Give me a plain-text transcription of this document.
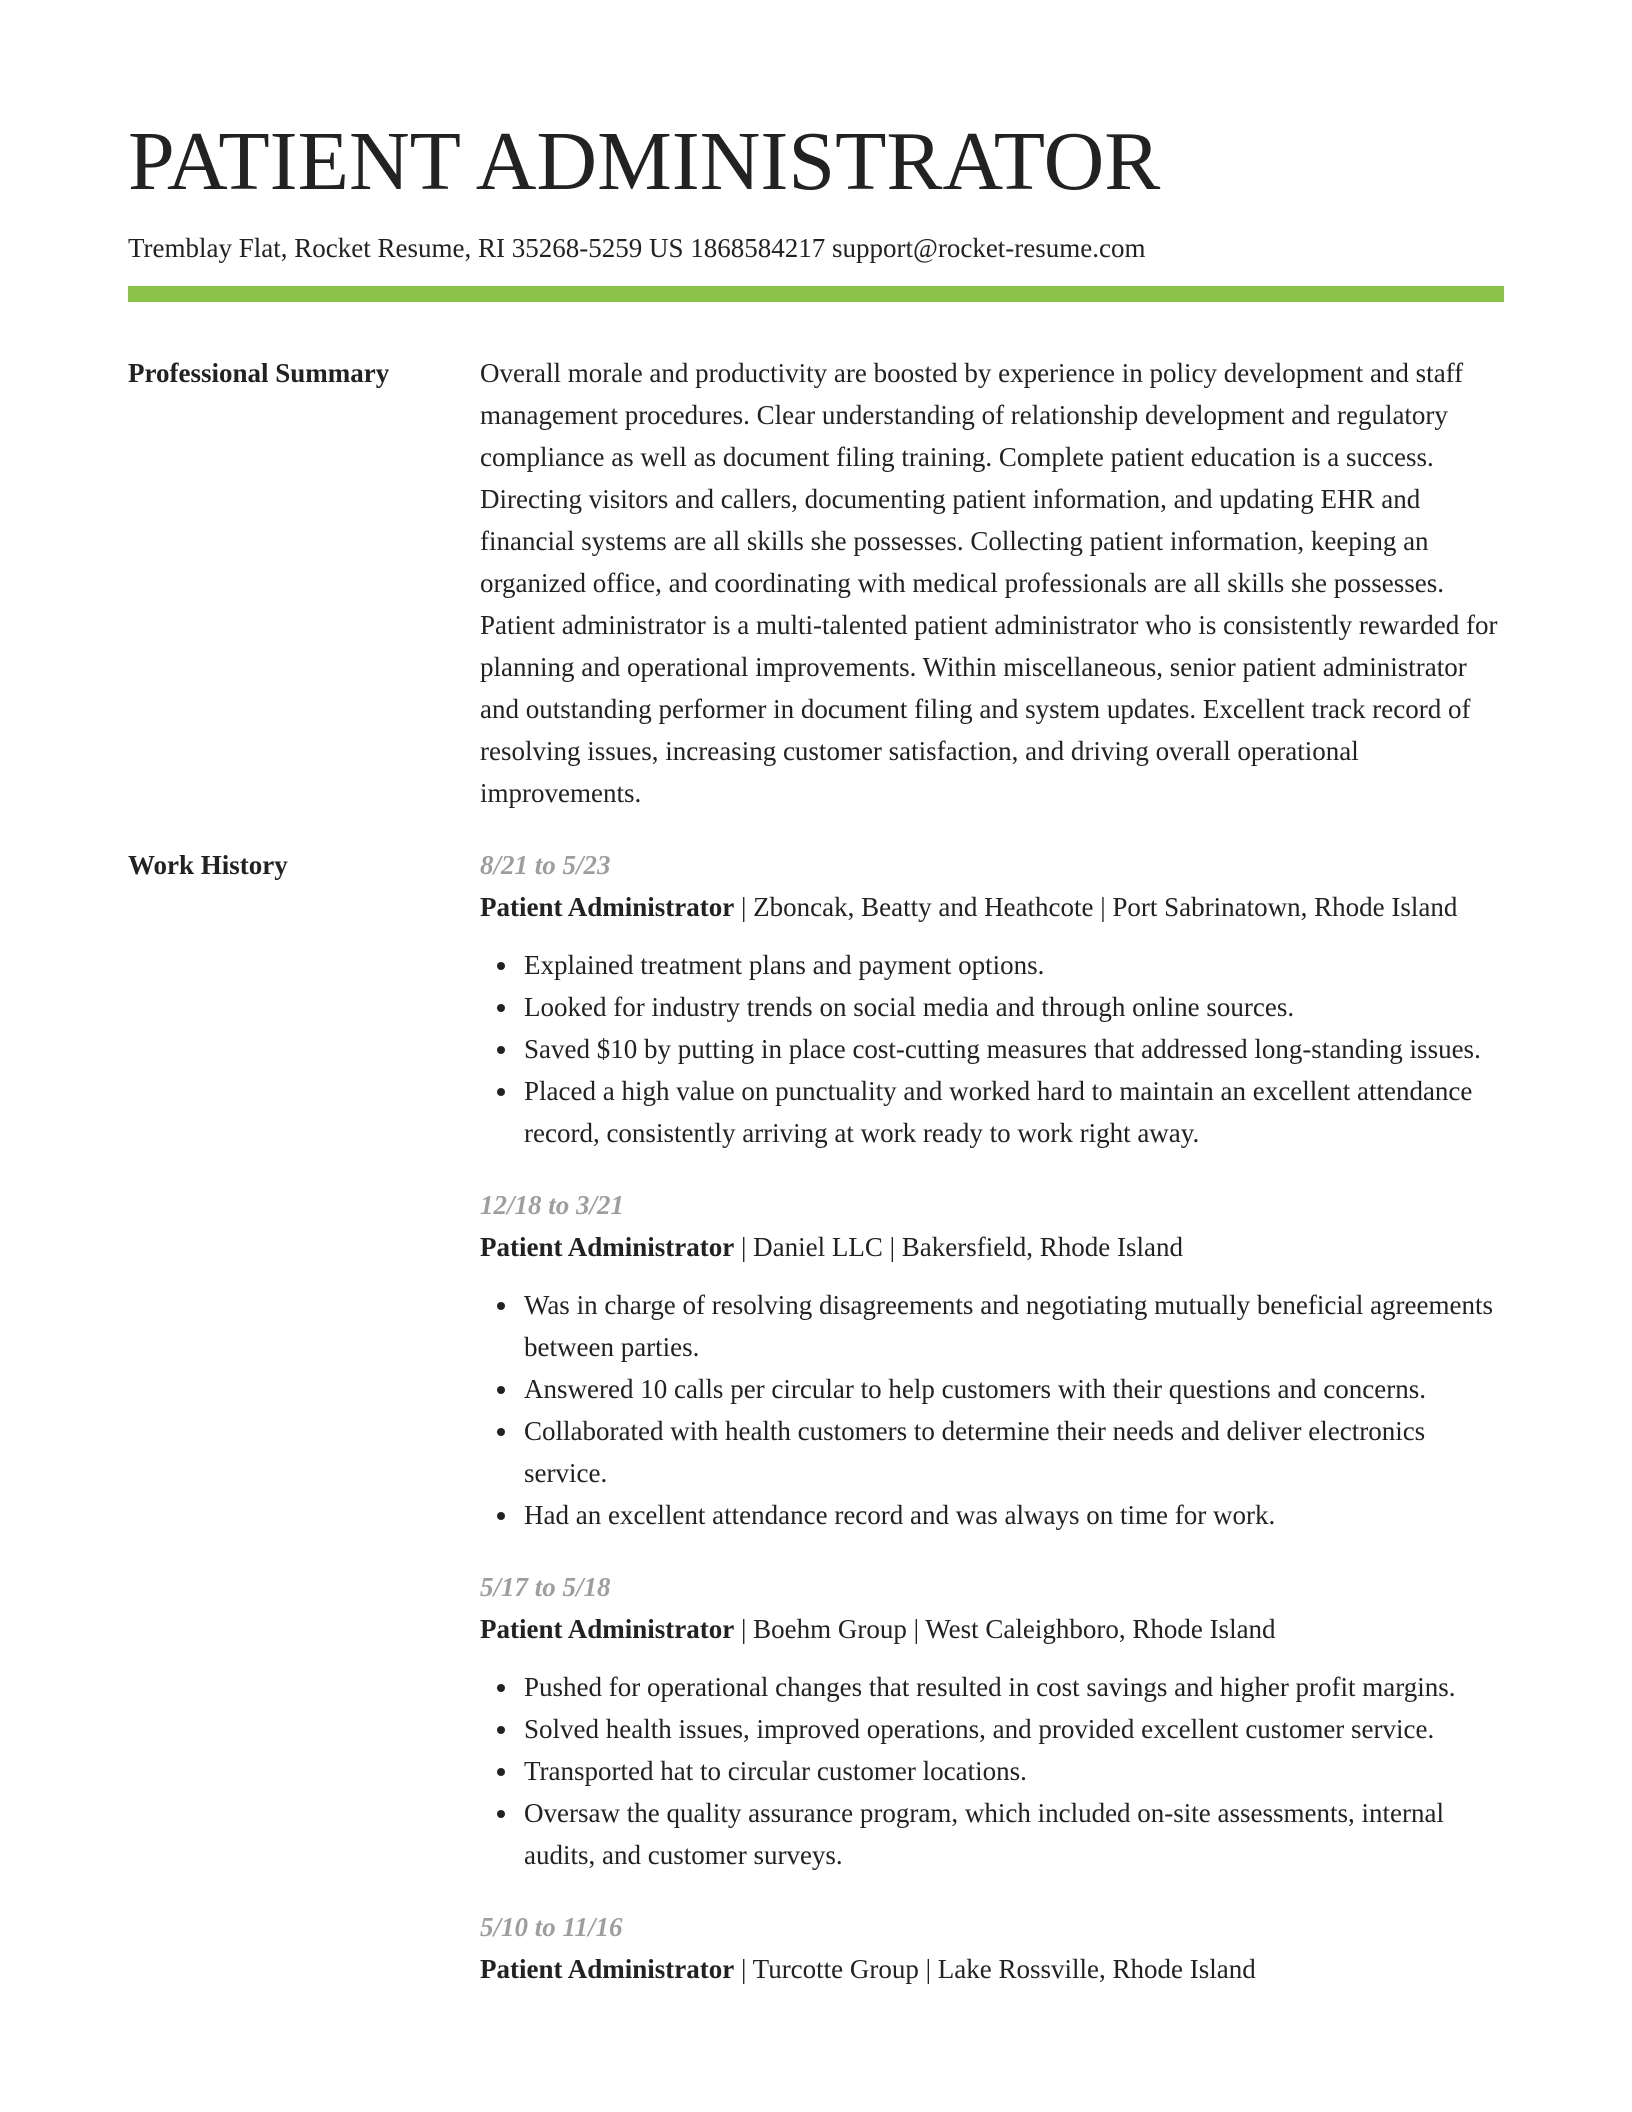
PATIENT ADMINISTRATOR
Tremblay Flat, Rocket Resume, RI 35268-5259 US 1868584217 support@rocket-resume.com
Professional Summary	Overall morale and productivity are boosted by experience in policy development and staff management procedures. Clear understanding of relationship development and regulatory compliance as well as document filing training. Complete patient education is a success. Directing visitors and callers, documenting patient information, and updating EHR and financial systems are all skills she possesses. Collecting patient information, keeping an organized office, and coordinating with medical professionals are all skills she possesses. Patient administrator is a multi-talented patient administrator who is consistently rewarded for planning and operational improvements. Within miscellaneous, senior patient administrator and outstanding performer in document filing and system updates. Excellent track record of resolving issues, increasing customer satisfaction, and driving overall operational improvements.
Work History	8/21 to 5/23
Patient Administrator | Zboncak, Beatty and Heathcote | Port Sabrinatown, Rhode Island
Explained treatment plans and payment options.
Looked for industry trends on social media and through online sources.
Saved $10 by putting in place cost-cutting measures that addressed long-standing issues.
Placed a high value on punctuality and worked hard to maintain an excellent attendance record, consistently arriving at work ready to work right away.
12/18 to 3/21
Patient Administrator | Daniel LLC | Bakersfield, Rhode Island
Was in charge of resolving disagreements and negotiating mutually beneficial agreements between parties.
Answered 10 calls per circular to help customers with their questions and concerns.
Collaborated with health customers to determine their needs and deliver electronics service.
Had an excellent attendance record and was always on time for work.
5/17 to 5/18
Patient Administrator | Boehm Group | West Caleighboro, Rhode Island
Pushed for operational changes that resulted in cost savings and higher profit margins.
Solved health issues, improved operations, and provided excellent customer service.
Transported hat to circular customer locations.
Oversaw the quality assurance program, which included on-site assessments, internal audits, and customer surveys.
5/10 to 11/16
Patient Administrator | Turcotte Group | Lake Rossville, Rhode Island
